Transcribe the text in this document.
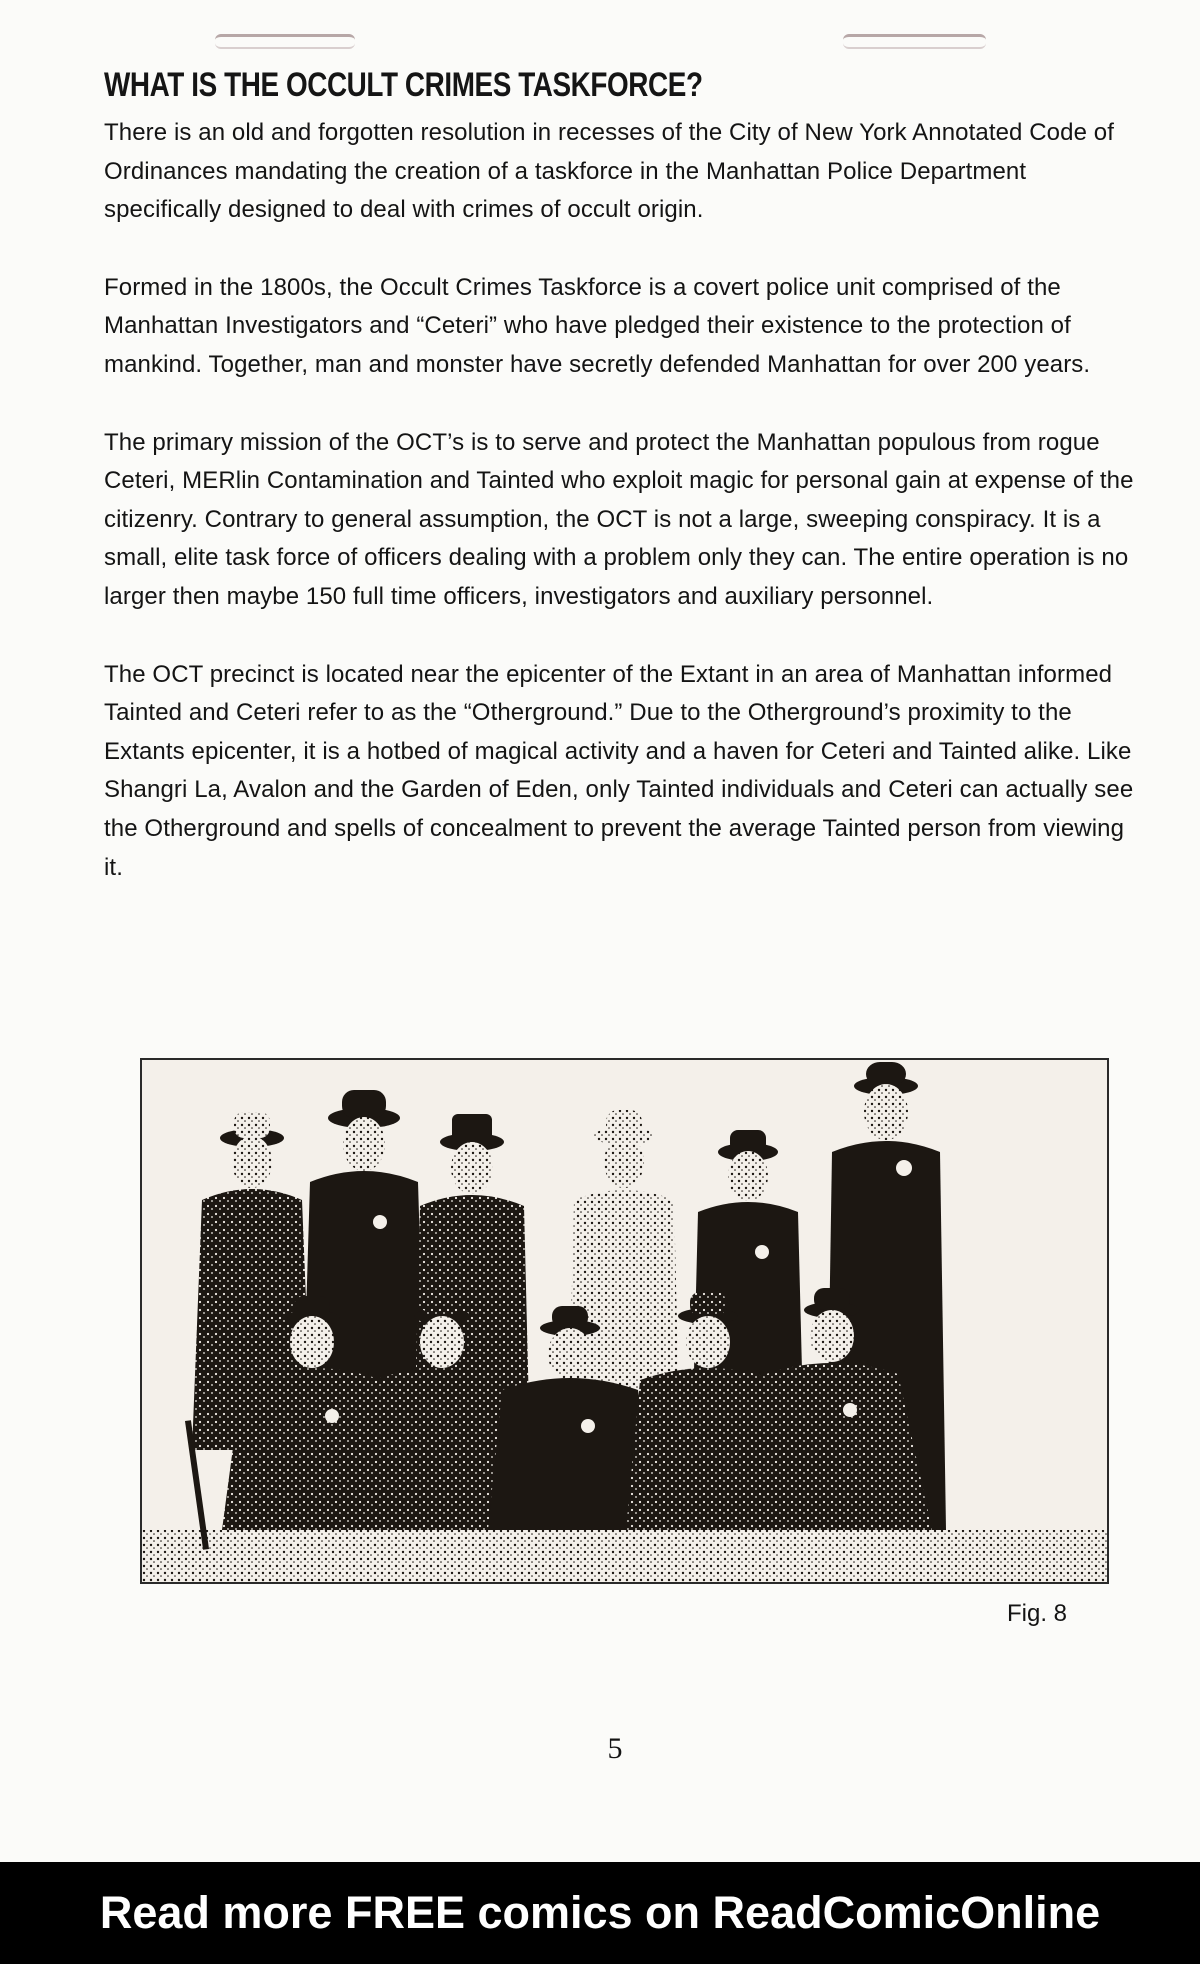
WHAT IS THE OCCULT CRIMES TASKFORCE?

There is an old and forgotten resolution in recesses of the City of New York Annotated Code of Ordinances mandating the creation of a taskforce in the Manhattan Police Department specifically designed to deal with crimes of occult origin.

Formed in the 1800s, the Occult Crimes Taskforce is a covert police unit comprised of the Manhattan Investigators and “Ceteri” who have pledged their existence to the protection of mankind. Together, man and monster have secretly defended Manhattan for over 200 years.

The primary mission of the OCT’s is to serve and protect the Manhattan populous from rogue Ceteri, MERlin Contamination and Tainted who exploit magic for personal gain at expense of the citizenry. Contrary to general assumption, the OCT is not a large, sweeping conspiracy. It is a small, elite task force of officers dealing with a problem only they can. The entire operation is no larger then maybe 150 full time officers, investigators and auxiliary personnel.

The OCT precinct is located near the epicenter of the Extant in an area of Manhattan informed Tainted and Ceteri refer to as the “Otherground.” Due to the Otherground’s proximity to the Extants epicenter, it is a hotbed of magical activity and a haven for Ceteri and Tainted alike. Like Shangri La, Avalon and the Garden of Eden, only Tainted individuals and Ceteri can actually see the Otherground and spells of concealment to prevent the average Tainted person from viewing it.

Fig. 8
5
Read more FREE comics on ReadComicOnline
